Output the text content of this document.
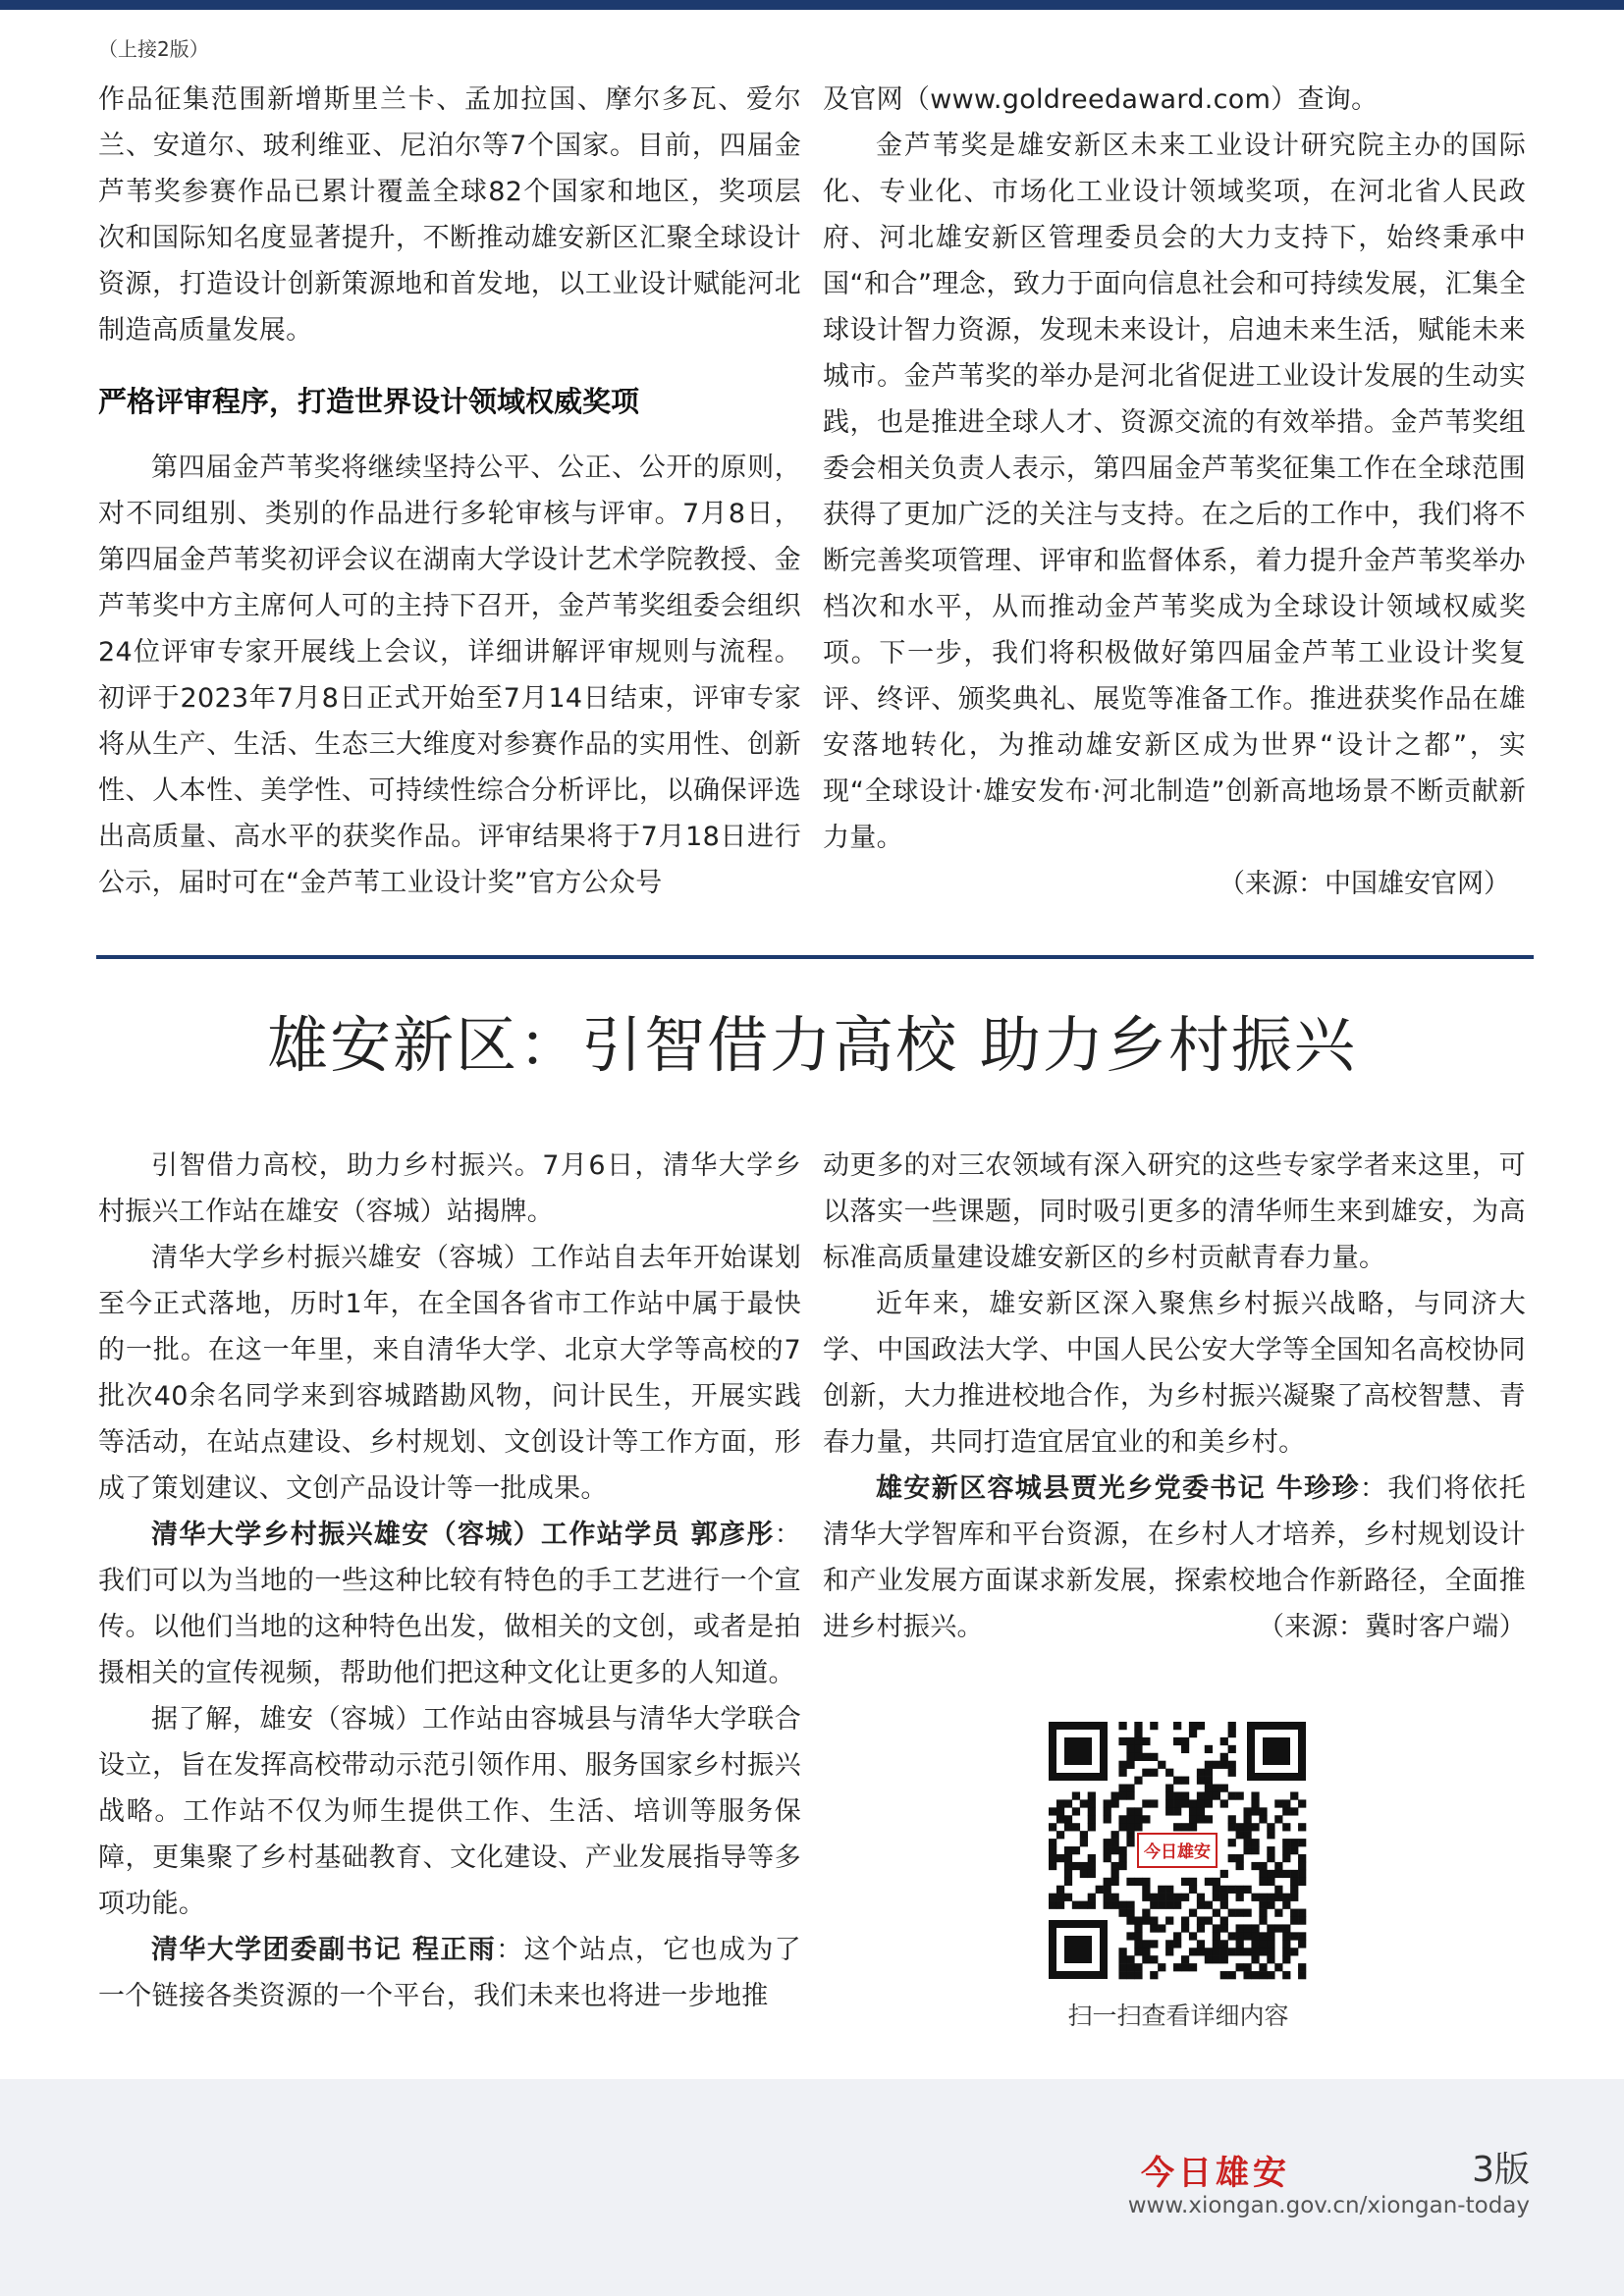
（上接2版）

作品征集范围新增斯里兰卡、孟加拉国、摩尔多瓦、爱尔兰、安道尔、玻利维亚、尼泊尔等7个国家。目前，四届金芦苇奖参赛作品已累计覆盖全球82个国家和地区，奖项层次和国际知名度显著提升，不断推动雄安新区汇聚全球设计资源，打造设计创新策源地和首发地，以工业设计赋能河北制造高质量发展。

严格评审程序，打造世界设计领域权威奖项

第四届金芦苇奖将继续坚持公平、公正、公开的原则，对不同组别、类别的作品进行多轮审核与评审。7月8日，第四届金芦苇奖初评会议在湖南大学设计艺术学院教授、金芦苇奖中方主席何人可的主持下召开，金芦苇奖组委会组织24位评审专家开展线上会议，详细讲解评审规则与流程。初评于2023年7月8日正式开始至7月14日结束，评审专家将从生产、生活、生态三大维度对参赛作品的实用性、创新性、人本性、美学性、可持续性综合分析评比，以确保评选出高质量、高水平的获奖作品。评审结果将于7月18日进行公示，届时可在“金芦苇工业设计奖”官方公众号

及官网（www.goldreedaward.com）查询。

金芦苇奖是雄安新区未来工业设计研究院主办的国际化、专业化、市场化工业设计领域奖项，在河北省人民政府、河北雄安新区管理委员会的大力支持下，始终秉承中国“和合”理念，致力于面向信息社会和可持续发展，汇集全球设计智力资源，发现未来设计，启迪未来生活，赋能未来城市。金芦苇奖的举办是河北省促进工业设计发展的生动实践，也是推进全球人才、资源交流的有效举措。金芦苇奖组委会相关负责人表示，第四届金芦苇奖征集工作在全球范围获得了更加广泛的关注与支持。在之后的工作中，我们将不断完善奖项管理、评审和监督体系，着力提升金芦苇奖举办档次和水平，从而推动金芦苇奖成为全球设计领域权威奖项。下一步，我们将积极做好第四届金芦苇工业设计奖复评、终评、颁奖典礼、展览等准备工作。推进获奖作品在雄安落地转化，为推动雄安新区成为世界“设计之都”，实现“全球设计·雄安发布·河北制造”创新高地场景不断贡献新力量。

（来源：中国雄安官网）
雄安新区：引智借力高校 助力乡村振兴

引智借力高校，助力乡村振兴。7月6日，清华大学乡村振兴工作站在雄安（容城）站揭牌。

清华大学乡村振兴雄安（容城）工作站自去年开始谋划至今正式落地，历时1年，在全国各省市工作站中属于最快的一批。在这一年里，来自清华大学、北京大学等高校的7批次40余名同学来到容城踏勘风物，问计民生，开展实践等活动，在站点建设、乡村规划、文创设计等工作方面，形成了策划建议、文创产品设计等一批成果。

清华大学乡村振兴雄安（容城）工作站学员 郭彦彤：我们可以为当地的一些这种比较有特色的手工艺进行一个宣传。以他们当地的这种特色出发，做相关的文创，或者是拍摄相关的宣传视频，帮助他们把这种文化让更多的人知道。

据了解，雄安（容城）工作站由容城县与清华大学联合设立，旨在发挥高校带动示范引领作用、服务国家乡村振兴战略。工作站不仅为师生提供工作、生活、培训等服务保障，更集聚了乡村基础教育、文化建设、产业发展指导等多项功能。

清华大学团委副书记 程正雨：这个站点，它也成为了一个链接各类资源的一个平台，我们未来也将进一步地推

动更多的对三农领域有深入研究的这些专家学者来这里，可以落实一些课题，同时吸引更多的清华师生来到雄安，为高标准高质量建设雄安新区的乡村贡献青春力量。

近年来，雄安新区深入聚焦乡村振兴战略，与同济大学、中国政法大学、中国人民公安大学等全国知名高校协同创新，大力推进校地合作，为乡村振兴凝聚了高校智慧、青春力量，共同打造宜居宜业的和美乡村。

雄安新区容城县贾光乡党委书记 牛珍珍：我们将依托清华大学智库和平台资源，在乡村人才培养，乡村规划设计和产业发展方面谋求新发展，探索校地合作新路径，全面推进乡村振兴。	（来源：冀时客户端）

今日雄安
扫一扫查看详细内容
今日雄安	3版
www.xiongan.gov.cn/xiongan-today
